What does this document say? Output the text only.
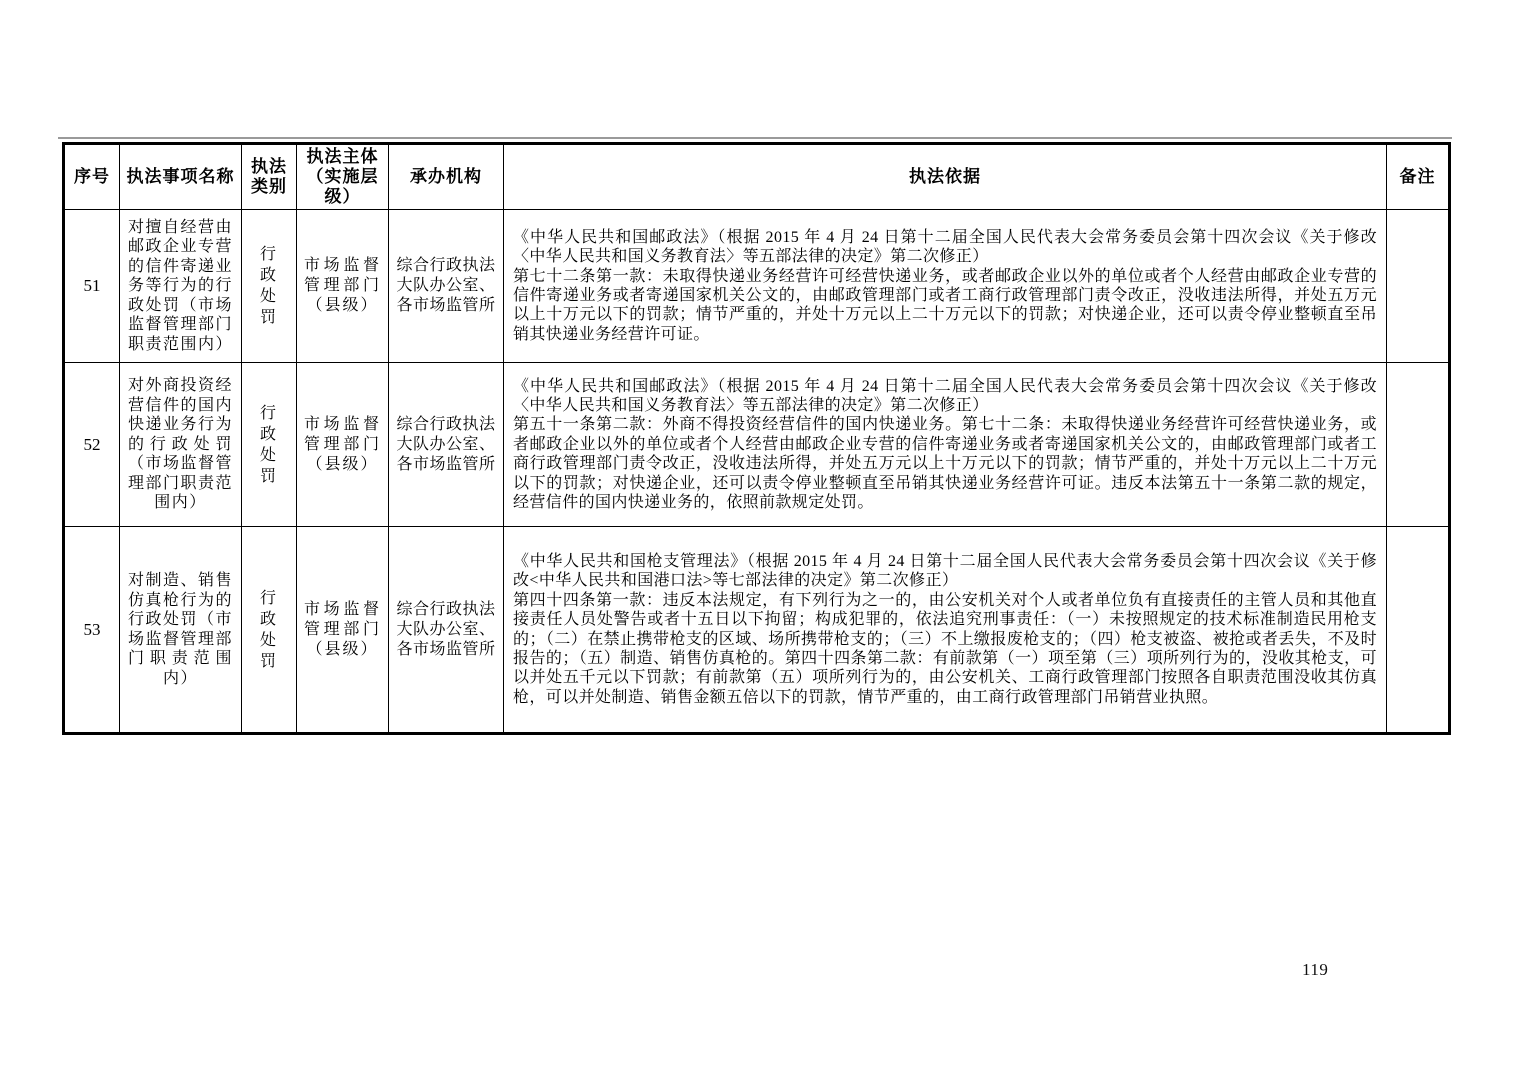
序号	执法事项名称	执法类别	执法主体（实施层级）	承办机构	执法依据	备注
51	对擅自经营由邮政企业专营的信件寄递业务等行为的行政处罚（市场监督管理部门职责范围内）	行政处罚	市场监督管理部门（县级）	综合行政执法大队办公室、各市场监管所	《中华人民共和国邮政法》（根据 2015 年 4 月 24 日第十二届全国人民代表大会常务委员会第十四次会议《关于修改〈中华人民共和国义务教育法〉等五部法律的决定》第二次修正）
第七十二条第一款：未取得快递业务经营许可经营快递业务，或者邮政企业以外的单位或者个人经营由邮政企业专营的信件寄递业务或者寄递国家机关公文的，由邮政管理部门或者工商行政管理部门责令改正，没收违法所得，并处五万元以上十万元以下的罚款；情节严重的，并处十万元以上二十万元以下的罚款；对快递企业，还可以责令停业整顿直至吊销其快递业务经营许可证。	

52	对外商投资经营信件的国内快递业务行为的行政处罚（市场监督管理部门职责范围内）	行政处罚	市场监督管理部门（县级）	综合行政执法大队办公室、各市场监管所	《中华人民共和国邮政法》（根据 2015 年 4 月 24 日第十二届全国人民代表大会常务委员会第十四次会议《关于修改〈中华人民共和国义务教育法〉等五部法律的决定》第二次修正）
第五十一条第二款：外商不得投资经营信件的国内快递业务。第七十二条：未取得快递业务经营许可经营快递业务，或者邮政企业以外的单位或者个人经营由邮政企业专营的信件寄递业务或者寄递国家机关公文的，由邮政管理部门或者工商行政管理部门责令改正，没收违法所得，并处五万元以上十万元以下的罚款；情节严重的，并处十万元以上二十万元以下的罚款；对快递企业，还可以责令停业整顿直至吊销其快递业务经营许可证。违反本法第五十一条第二款的规定，经营信件的国内快递业务的，依照前款规定处罚。	

53	对制造、销售仿真枪行为的行政处罚（市场监督管理部门职责范围内）	行政处罚	市场监督管理部门（县级）	综合行政执法大队办公室、各市场监管所	《中华人民共和国枪支管理法》（根据 2015 年 4 月 24 日第十二届全国人民代表大会常务委员会第十四次会议《关于修改<中华人民共和国港口法>等七部法律的决定》第二次修正）
第四十四条第一款：违反本法规定，有下列行为之一的，由公安机关对个人或者单位负有直接责任的主管人员和其他直接责任人员处警告或者十五日以下拘留；构成犯罪的，依法追究刑事责任：（一）未按照规定的技术标准制造民用枪支的；（二）在禁止携带枪支的区域、场所携带枪支的；（三）不上缴报废枪支的；（四）枪支被盗、被抢或者丢失，不及时报告的；（五）制造、销售仿真枪的。第四十四条第二款：有前款第（一）项至第（三）项所列行为的，没收其枪支，可以并处五千元以下罚款；有前款第（五）项所列行为的，由公安机关、工商行政管理部门按照各自职责范围没收其仿真枪，可以并处制造、销售金额五倍以下的罚款，情节严重的，由工商行政管理部门吊销营业执照。	

119
